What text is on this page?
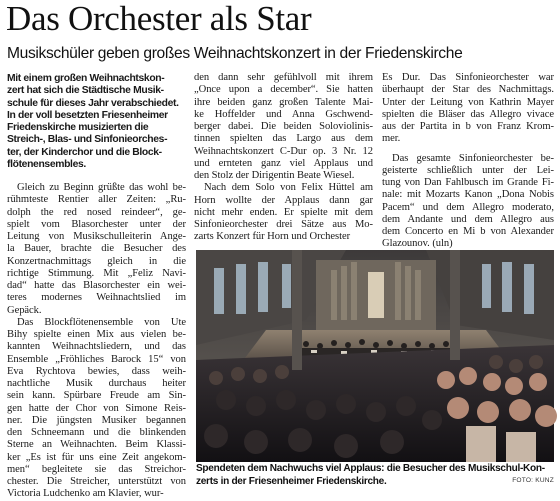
Das Orchester als Star
Musikschüler geben großes Weihnachtskonzert in der Friedenskirche
Mit einem großen Weihnachtskon-
zert hat sich die Städtische Musik-
schule für dieses Jahr verabschiedet.
In der voll besetzten Friesenheimer
Friedenskirche musizierten die
Streich-, Blas- und Sinfonieorches-
ter, der Kinderchor und die Block-
flötenensembles.
Gleich zu Beginn grüßte das wohl be-
rühmteste Rentier aller Zeiten: „Ru-
dolph the red nosed reindeer“, ge-
spielt vom Blasorchester unter der
Leitung von Musikschulleiterin Ange-
la Bauer, brachte die Besucher des
Konzertnachmittags gleich in die
richtige Stimmung. Mit „Feliz Navi-
dad“ hatte das Blasorchester ein wei-
teres modernes Weihnachtslied im
Gepäck.
Das Blockflötenensemble von Ute
Bihy spielte einen Mix aus vielen be-
kannten Weihnachtsliedern, und das
Ensemble „Fröhliches Barock 15“ von
Eva Rychtova bewies, dass weih-
nachtliche Musik durchaus heiter
sein kann. Spürbare Freude am Sin-
gen hatte der Chor von Simone Reis-
ner. Die jüngsten Musiker begannen
den Schneemann und die blinkenden
Sterne an Weihnachten. Beim Klassi-
ker „Es ist für uns eine Zeit angekom-
men“ begleitete sie das Streichor-
chester. Die Streicher, unterstützt von
Victoria Ludchenko am Klavier, wur-
den dann sehr gefühlvoll mit ihrem
„Once upon a december“. Sie hatten
ihre beiden ganz großen Talente Mai-
ke Hoffelder und Anna Gschwend-
berger dabei. Die beiden Soloviolinis-
tinnen spielten das Largo aus dem
Weihnachtskonzert C-Dur op. 3 Nr. 12
und ernteten ganz viel Applaus und
den Stolz der Dirigentin Beate Wiesel.
Nach dem Solo von Felix Hüttel am
Horn wollte der Applaus dann gar
nicht mehr enden. Er spielte mit dem
Sinfonieorchester drei Sätze aus Mo-
zarts Konzert für Horn und Orchester
Es Dur. Das Sinfonieorchester war
überhaupt der Star des Nachmittags.
Unter der Leitung von Kathrin Mayer
spielten die Bläser das Allegro vivace
aus der Partita in b von Franz Krom-
mer.
Das gesamte Sinfonieorchester be-
geisterte schließlich unter der Lei-
tung von Dan Fahlbusch im Grande Fi-
nale: mit Mozarts Kanon „Dona Nobis
Pacem“ und dem Allegro moderato,
dem Andante und dem Allegro aus
dem Concerto en Mi b von Alexander
Glazounov. (uln)
Spendeten dem Nachwuchs viel Applaus: die Besucher des Musikschul-Kon-
zerts in der Friesenheimer Friedenskirche.	FOTO: KUNZ
